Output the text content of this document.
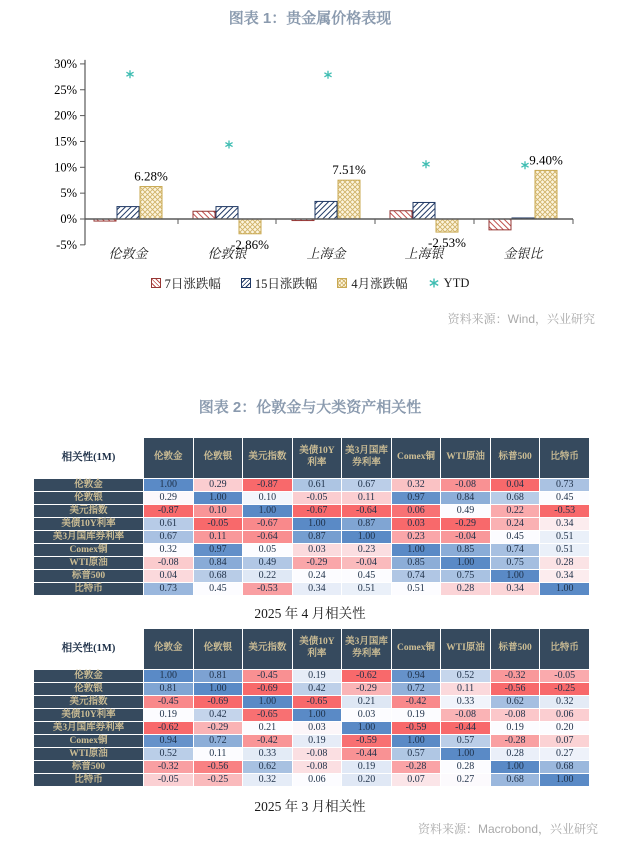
图表 1：贵金属价格表现
30%
25%
20%
15%
10%
5%
0%
-5%
伦敦金	伦敦银	上海金	上海银	金银比
6.28%
-2.86%
7.51%
-2.53%
9.40%
7日涨跌幅	15日涨跌幅	4月涨跌幅	YTD
资料来源：Wind，兴业研究
图表 2：伦敦金与大类资产相关性
相关性(1M)	伦敦金	伦敦银	美元指数	美债10Y利率	美3月国库券利率	Comex铜	WTI原油	标普500	比特币
伦敦金	1.00	0.29	-0.87	0.61	0.67	0.32	-0.08	0.04	0.73
伦敦银	0.29	1.00	0.10	-0.05	0.11	0.97	0.84	0.68	0.45
美元指数	-0.87	0.10	1.00	-0.67	-0.64	0.06	0.49	0.22	-0.53
美债10Y利率	0.61	-0.05	-0.67	1.00	0.87	0.03	-0.29	0.24	0.34
美3月国库券利率	0.67	0.11	-0.64	0.87	1.00	0.23	-0.04	0.45	0.51
Comex铜	0.32	0.97	0.05	0.03	0.23	1.00	0.85	0.74	0.51
WTI原油	-0.08	0.84	0.49	-0.29	-0.04	0.85	1.00	0.75	0.28
标普500	0.04	0.68	0.22	0.24	0.45	0.74	0.75	1.00	0.34
比特币	0.73	0.45	-0.53	0.34	0.51	0.51	0.28	0.34	1.00
2025 年 4 月相关性
相关性(1M)	伦敦金	伦敦银	美元指数	美债10Y利率	美3月国库券利率	Comex铜	WTI原油	标普500	比特币
伦敦金	1.00	0.81	-0.45	0.19	-0.62	0.94	0.52	-0.32	-0.05
伦敦银	0.81	1.00	-0.69	0.42	-0.29	0.72	0.11	-0.56	-0.25
美元指数	-0.45	-0.69	1.00	-0.65	0.21	-0.42	0.33	0.62	0.32
美债10Y利率	0.19	0.42	-0.65	1.00	0.03	0.19	-0.08	-0.08	0.06
美3月国库券利率	-0.62	-0.29	0.21	0.03	1.00	-0.59	-0.44	0.19	0.20
Comex铜	0.94	0.72	-0.42	0.19	-0.59	1.00	0.57	-0.28	0.07
WTI原油	0.52	0.11	0.33	-0.08	-0.44	0.57	1.00	0.28	0.27
标普500	-0.32	-0.56	0.62	-0.08	0.19	-0.28	0.28	1.00	0.68
比特币	-0.05	-0.25	0.32	0.06	0.20	0.07	0.27	0.68	1.00
2025 年 3 月相关性
资料来源：Macrobond，兴业研究
